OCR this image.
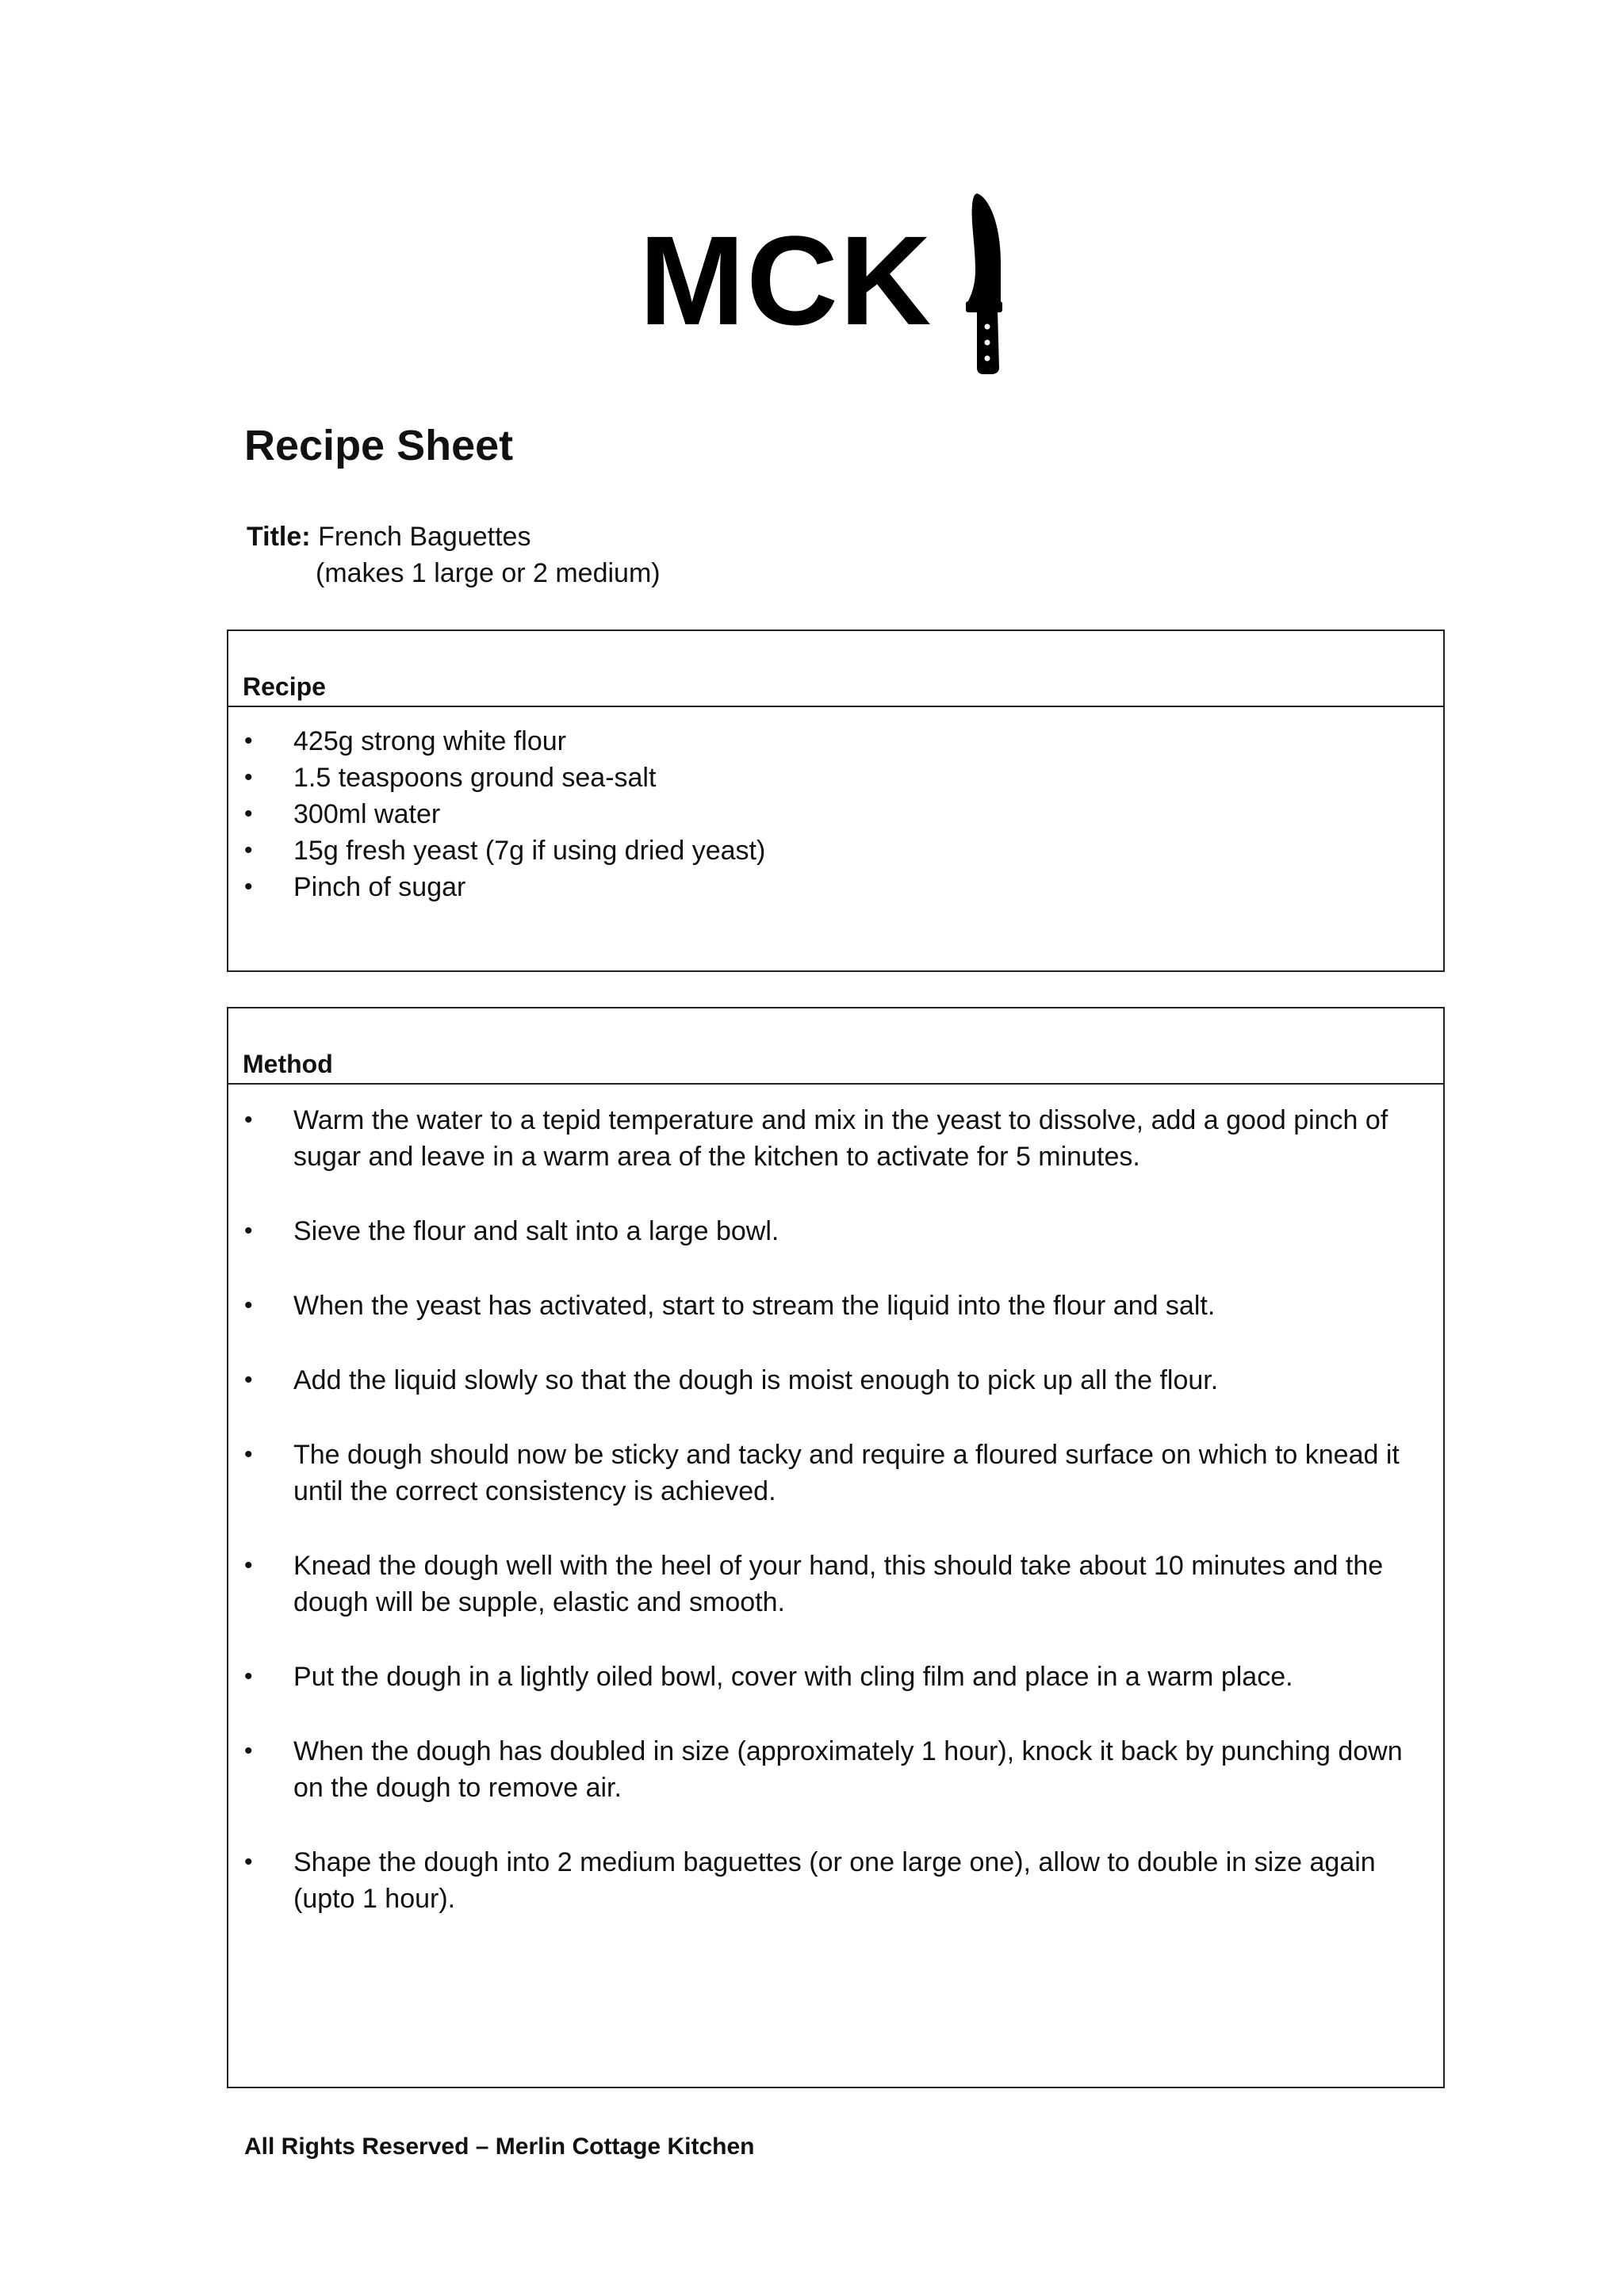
MCK
Recipe Sheet
Title: French Baguettes
(makes 1 large or 2 medium)
Recipe
• 425g strong white flour
• 1.5 teaspoons ground sea-salt
• 300ml water
• 15g fresh yeast (7g if using dried yeast)
• Pinch of sugar
Method
• Warm the water to a tepid temperature and mix in the yeast to dissolve, add a good pinch of sugar and leave in a warm area of the kitchen to activate for 5 minutes.
• Sieve the flour and salt into a large bowl.
• When the yeast has activated, start to stream the liquid into the flour and salt.
• Add the liquid slowly so that the dough is moist enough to pick up all the flour.
• The dough should now be sticky and tacky and require a floured surface on which to knead it until the correct consistency is achieved.
• Knead the dough well with the heel of your hand, this should take about 10 minutes and the dough will be supple, elastic and smooth.
• Put the dough in a lightly oiled bowl, cover with cling film and place in a warm place.
• When the dough has doubled in size (approximately 1 hour), knock it back by punching down on the dough to remove air.
• Shape the dough into 2 medium baguettes (or one large one), allow to double in size again (upto 1 hour).
All Rights Reserved – Merlin Cottage Kitchen
